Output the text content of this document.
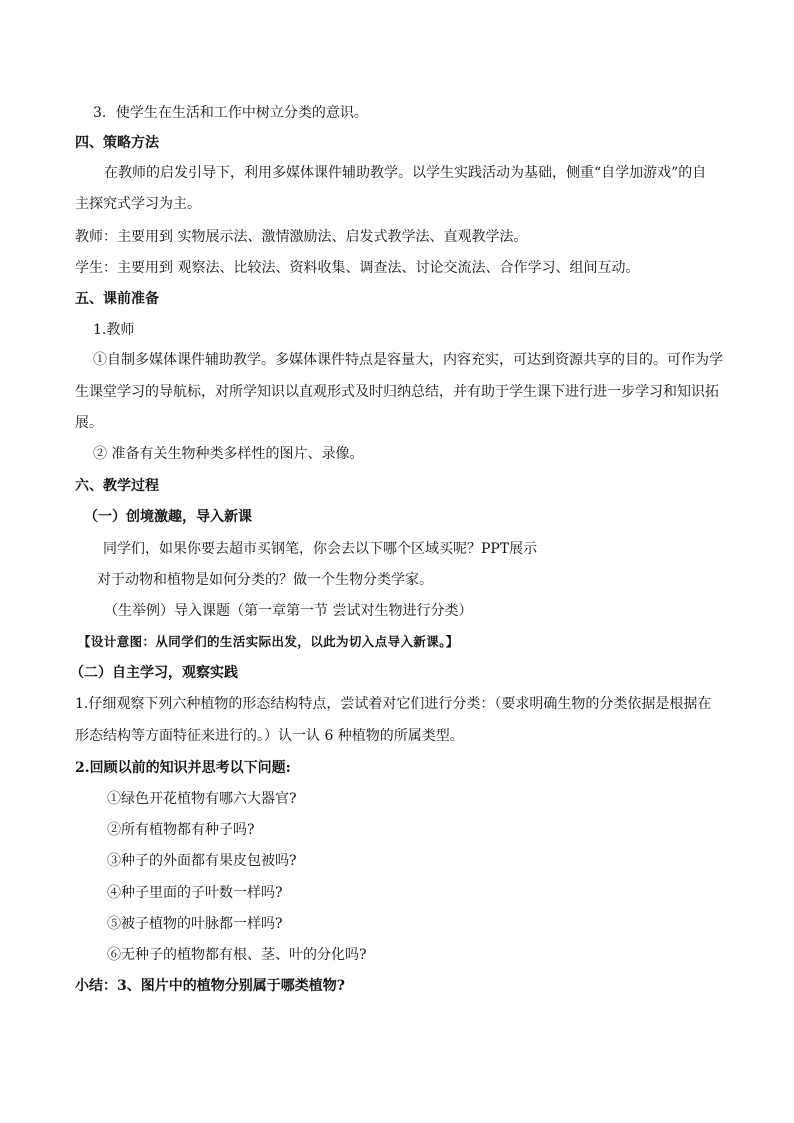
3．使学生在生活和工作中树立分类的意识。
四、策略方法
在教师的启发引导下，利用多媒体课件辅助教学。以学生实践活动为基础，侧重“自学加游戏”的自
主探究式学习为主。
教师：主要用到 实物展示法、激情激励法、启发式教学法、直观教学法。
学生：主要用到 观察法、比较法、资料收集、调查法、讨论交流法、合作学习、组间互动。
五、课前准备
1.教师
①自制多媒体课件辅助教学。多媒体课件特点是容量大，内容充实，可达到资源共享的目的。可作为学
生课堂学习的导航标，对所学知识以直观形式及时归纳总结，并有助于学生课下进行进一步学习和知识拓
展。
② 准备有关生物种类多样性的图片、录像。
六、教学过程
（一）创境激趣，导入新课
同学们，如果你要去超市买钢笔，你会去以下哪个区域买呢？PPT展示
对于动物和植物是如何分类的？做一个生物分类学家。
（生举例）导入课题（第一章第一节 尝试对生物进行分类）
【设计意图：从同学们的生活实际出发，以此为切入点导入新课。】
（二）自主学习，观察实践
1.仔细观察下列六种植物的形态结构特点，尝试着对它们进行分类：（要求明确生物的分类依据是根据在
形态结构等方面特征来进行的。）认一认 6 种植物的所属类型。
2.回顾以前的知识并思考以下问题:
①绿色开花植物有哪六大器官?
②所有植物都有种子吗?
③种子的外面都有果皮包被吗?
④种子里面的子叶数一样吗?
⑤被子植物的叶脉都一样吗?
⑥无种子的植物都有根、茎、叶的分化吗?
小结：3、图片中的植物分别属于哪类植物?
